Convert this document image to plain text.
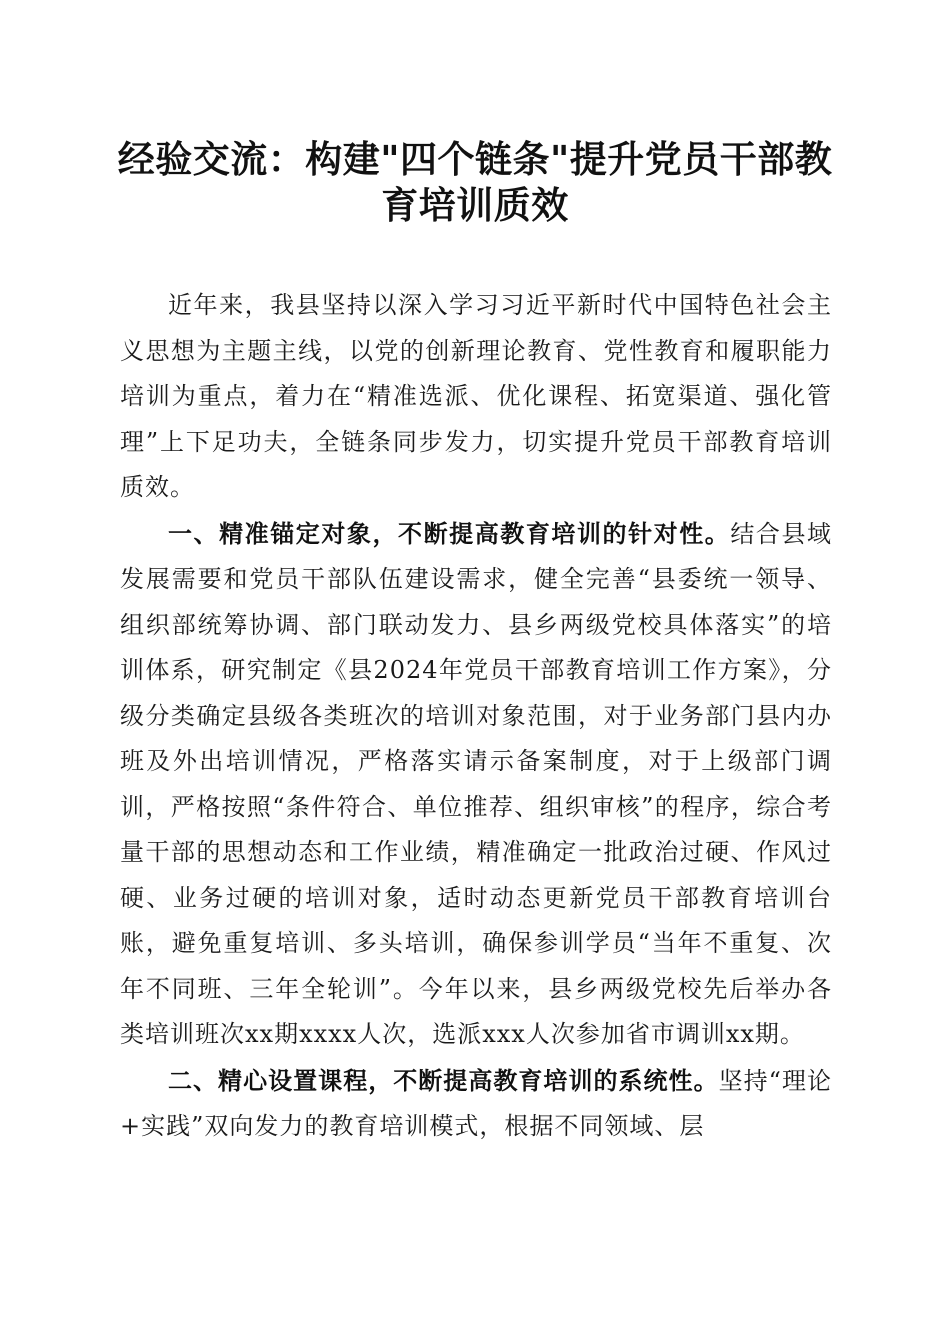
经验交流：构建"四个链条"提升党员干部教育培训质效

近年来，我县坚持以深入学习习近平新时代中国特色社会主义思想为主题主线，以党的创新理论教育、党性教育和履职能力培训为重点，着力在“精准选派、优化课程、拓宽渠道、强化管理”上下足功夫，全链条同步发力，切实提升党员干部教育培训质效。

一、精准锚定对象，不断提高教育培训的针对性。结合县域发展需要和党员干部队伍建设需求，健全完善“县委统一领导、组织部统筹协调、部门联动发力、县乡两级党校具体落实”的培训体系，研究制定《县2024年党员干部教育培训工作方案》，分级分类确定县级各类班次的培训对象范围，对于业务部门县内办班及外出培训情况，严格落实请示备案制度，对于上级部门调训，严格按照“条件符合、单位推荐、组织审核”的程序，综合考量干部的思想动态和工作业绩，精准确定一批政治过硬、作风过硬、业务过硬的培训对象，适时动态更新党员干部教育培训台账，避免重复培训、多头培训，确保参训学员“当年不重复、次年不同班、三年全轮训”。今年以来，县乡两级党校先后举办各类培训班次xx期xxxx人次，选派xxx人次参加省市调训xx期。

二、精心设置课程，不断提高教育培训的系统性。坚持“理论+实践”双向发力的教育培训模式，根据不同领域、层
